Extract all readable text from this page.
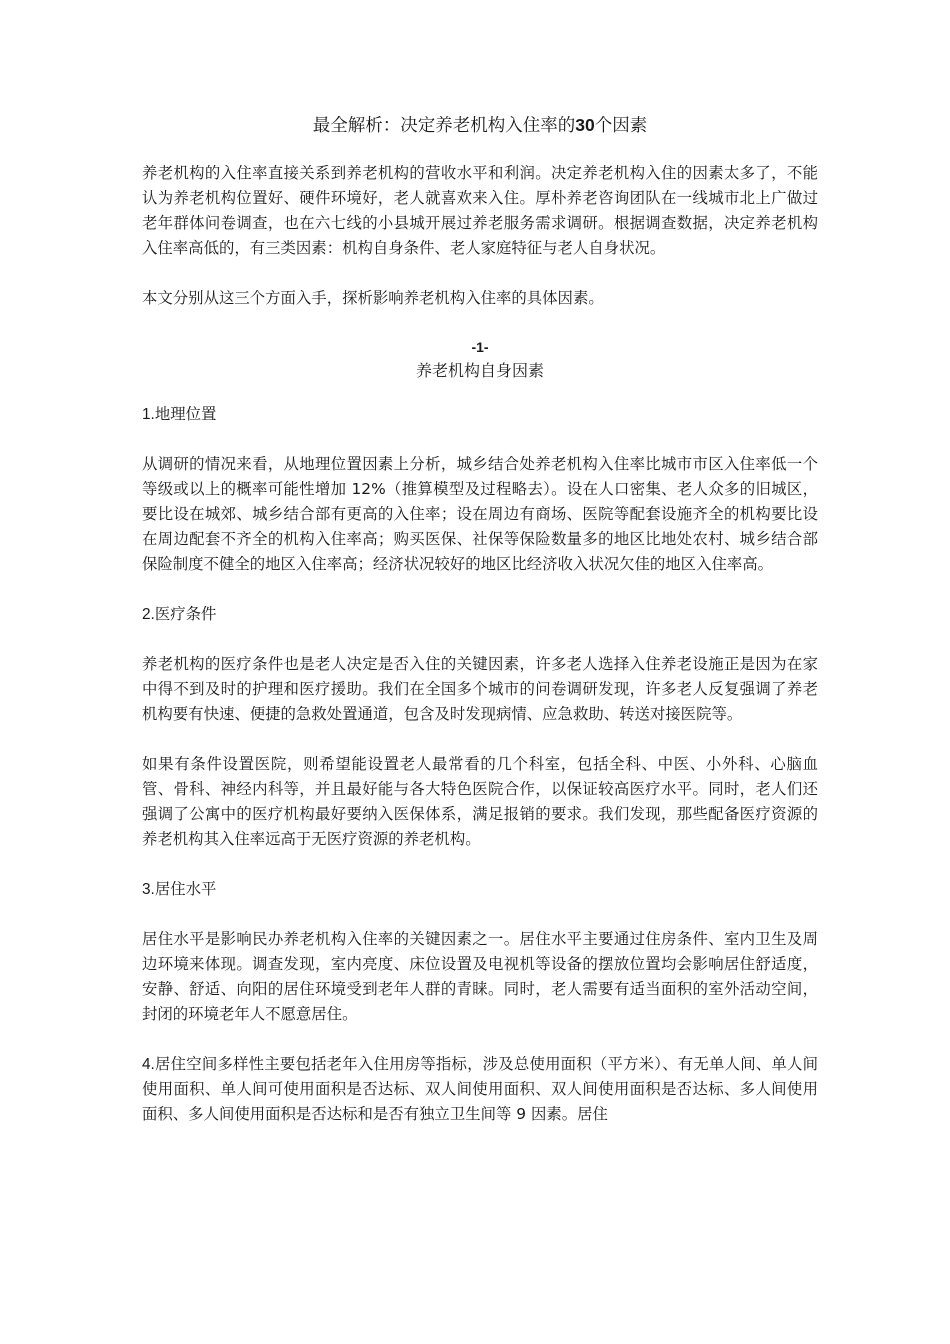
最全解析：决定养老机构入住率的30个因素

养老机构的入住率直接关系到养老机构的营收水平和利润。决定养老机构入住的因素太多了，不能认为养老机构位置好、硬件环境好，老人就喜欢来入住。厚朴养老咨询团队在一线城市北上广做过老年群体问卷调查，也在六七线的小县城开展过养老服务需求调研。根据调查数据，决定养老机构入住率高低的，有三类因素：机构自身条件、老人家庭特征与老人自身状况。

本文分别从这三个方面入手，探析影响养老机构入住率的具体因素。

-1-
养老机构自身因素
1.地理位置

从调研的情况来看，从地理位置因素上分析，城乡结合处养老机构入住率比城市市区入住率低一个等级或以上的概率可能性增加 12%（推算模型及过程略去）。设在人口密集、老人众多的旧城区，要比设在城郊、城乡结合部有更高的入住率；设在周边有商场、医院等配套设施齐全的机构要比设在周边配套不齐全的机构入住率高；购买医保、社保等保险数量多的地区比地处农村、城乡结合部保险制度不健全的地区入住率高；经济状况较好的地区比经济收入状况欠佳的地区入住率高。

2.医疗条件

养老机构的医疗条件也是老人决定是否入住的关键因素，许多老人选择入住养老设施正是因为在家中得不到及时的护理和医疗援助。我们在全国多个城市的问卷调研发现，许多老人反复强调了养老机构要有快速、便捷的急救处置通道，包含及时发现病情、应急救助、转送对接医院等。

如果有条件设置医院，则希望能设置老人最常看的几个科室，包括全科、中医、小外科、心脑血管、骨科、神经内科等，并且最好能与各大特色医院合作，以保证较高医疗水平。同时，老人们还强调了公寓中的医疗机构最好要纳入医保体系，满足报销的要求。我们发现，那些配备医疗资源的养老机构其入住率远高于无医疗资源的养老机构。

3.居住水平

居住水平是影响民办养老机构入住率的关键因素之一。居住水平主要通过住房条件、室内卫生及周边环境来体现。调查发现，室内亮度、床位设置及电视机等设备的摆放位置均会影响居住舒适度，安静、舒适、向阳的居住环境受到老年人群的青睐。同时，老人需要有适当面积的室外活动空间，封闭的环境老年人不愿意居住。

4.居住空间多样性主要包括老年入住用房等指标，涉及总使用面积（平方米）、有无单人间、单人间使用面积、单人间可使用面积是否达标、双人间使用面积、双人间使用面积是否达标、多人间使用面积、多人间使用面积是否达标和是否有独立卫生间等 9 因素。居住
